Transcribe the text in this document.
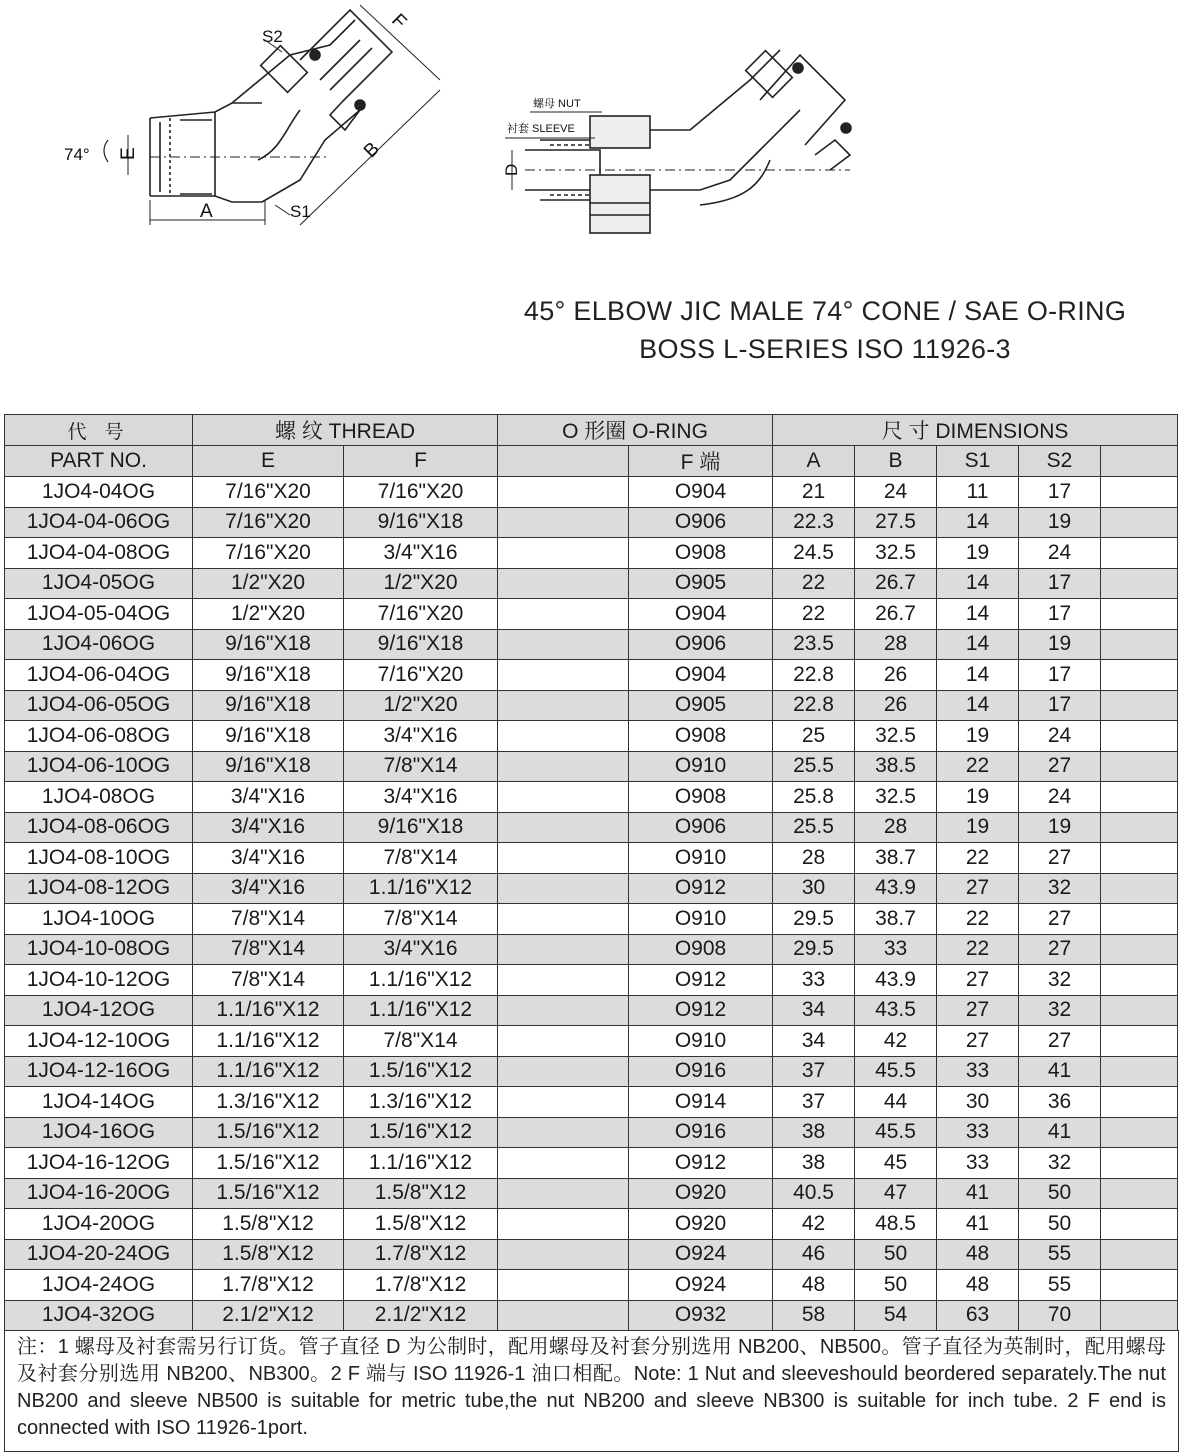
S2
F
74° E	B
A	S1
螺母 NUT
衬套 SLEEVE
D
45° ELBOW JIC MALE 74° CONE / SAE O-RING
BOSS L-SERIES ISO 11926-3
代 号	螺 纹 THREAD		O 形圈 O-RING		尺 寸 DIMENSIONS				
PART NO.	E	F		F 端	A	B	S1	S2	
1JO4-04OG	7/16"X20	7/16"X20		O904	21	24	11	17	
1JO4-04-06OG	7/16"X20	9/16"X18		O906	22.3	27.5	14	19	
1JO4-04-08OG	7/16"X20	3/4"X16		O908	24.5	32.5	19	24	
1JO4-05OG	1/2"X20	1/2"X20		O905	22	26.7	14	17	
1JO4-05-04OG	1/2"X20	7/16"X20		O904	22	26.7	14	17	
1JO4-06OG	9/16"X18	9/16"X18		O906	23.5	28	14	19	
1JO4-06-04OG	9/16"X18	7/16"X20		O904	22.8	26	14	17	
1JO4-06-05OG	9/16"X18	1/2"X20		O905	22.8	26	14	17	
1JO4-06-08OG	9/16"X18	3/4"X16		O908	25	32.5	19	24	
1JO4-06-10OG	9/16"X18	7/8"X14		O910	25.5	38.5	22	27	
1JO4-08OG	3/4"X16	3/4"X16		O908	25.8	32.5	19	24	
1JO4-08-06OG	3/4"X16	9/16"X18		O906	25.5	28	19	19	
1JO4-08-10OG	3/4"X16	7/8"X14		O910	28	38.7	22	27	
1JO4-08-12OG	3/4"X16	1.1/16"X12		O912	30	43.9	27	32	
1JO4-10OG	7/8"X14	7/8"X14		O910	29.5	38.7	22	27	
1JO4-10-08OG	7/8"X14	3/4"X16		O908	29.5	33	22	27	
1JO4-10-12OG	7/8"X14	1.1/16"X12		O912	33	43.9	27	32	
1JO4-12OG	1.1/16"X12	1.1/16"X12		O912	34	43.5	27	32	
1JO4-12-10OG	1.1/16"X12	7/8"X14		O910	34	42	27	27	
1JO4-12-16OG	1.1/16"X12	1.5/16"X12		O916	37	45.5	33	41	
1JO4-14OG	1.3/16"X12	1.3/16"X12		O914	37	44	30	36	
1JO4-16OG	1.5/16"X12	1.5/16"X12		O916	38	45.5	33	41	
1JO4-16-12OG	1.5/16"X12	1.1/16"X12		O912	38	45	33	32	
1JO4-16-20OG	1.5/16"X12	1.5/8"X12		O920	40.5	47	41	50	
1JO4-20OG	1.5/8"X12	1.5/8"X12		O920	42	48.5	41	50	
1JO4-20-24OG	1.5/8"X12	1.7/8"X12		O924	46	50	48	55	
1JO4-24OG	1.7/8"X12	1.7/8"X12		O924	48	50	48	55	
1JO4-32OG	2.1/2"X12	2.1/2"X12		O932	58	54	63	70	
注：1 螺母及衬套需另行订货。管子直径 D 为公制时，配用螺母及衬套分别选用 NB200、NB500。管子直径为英制时，配用螺母及衬套分别选用 NB200、NB300。2 F 端与 ISO 11926-1 油口相配。Note: 1 Nut and sleeveshould beordered separately.The nut NB200 and sleeve NB500 is suitable for metric tube,the nut NB200 and sleeve NB300 is suitable for inch tube. 2 F end is connected with ISO 11926-1port.
